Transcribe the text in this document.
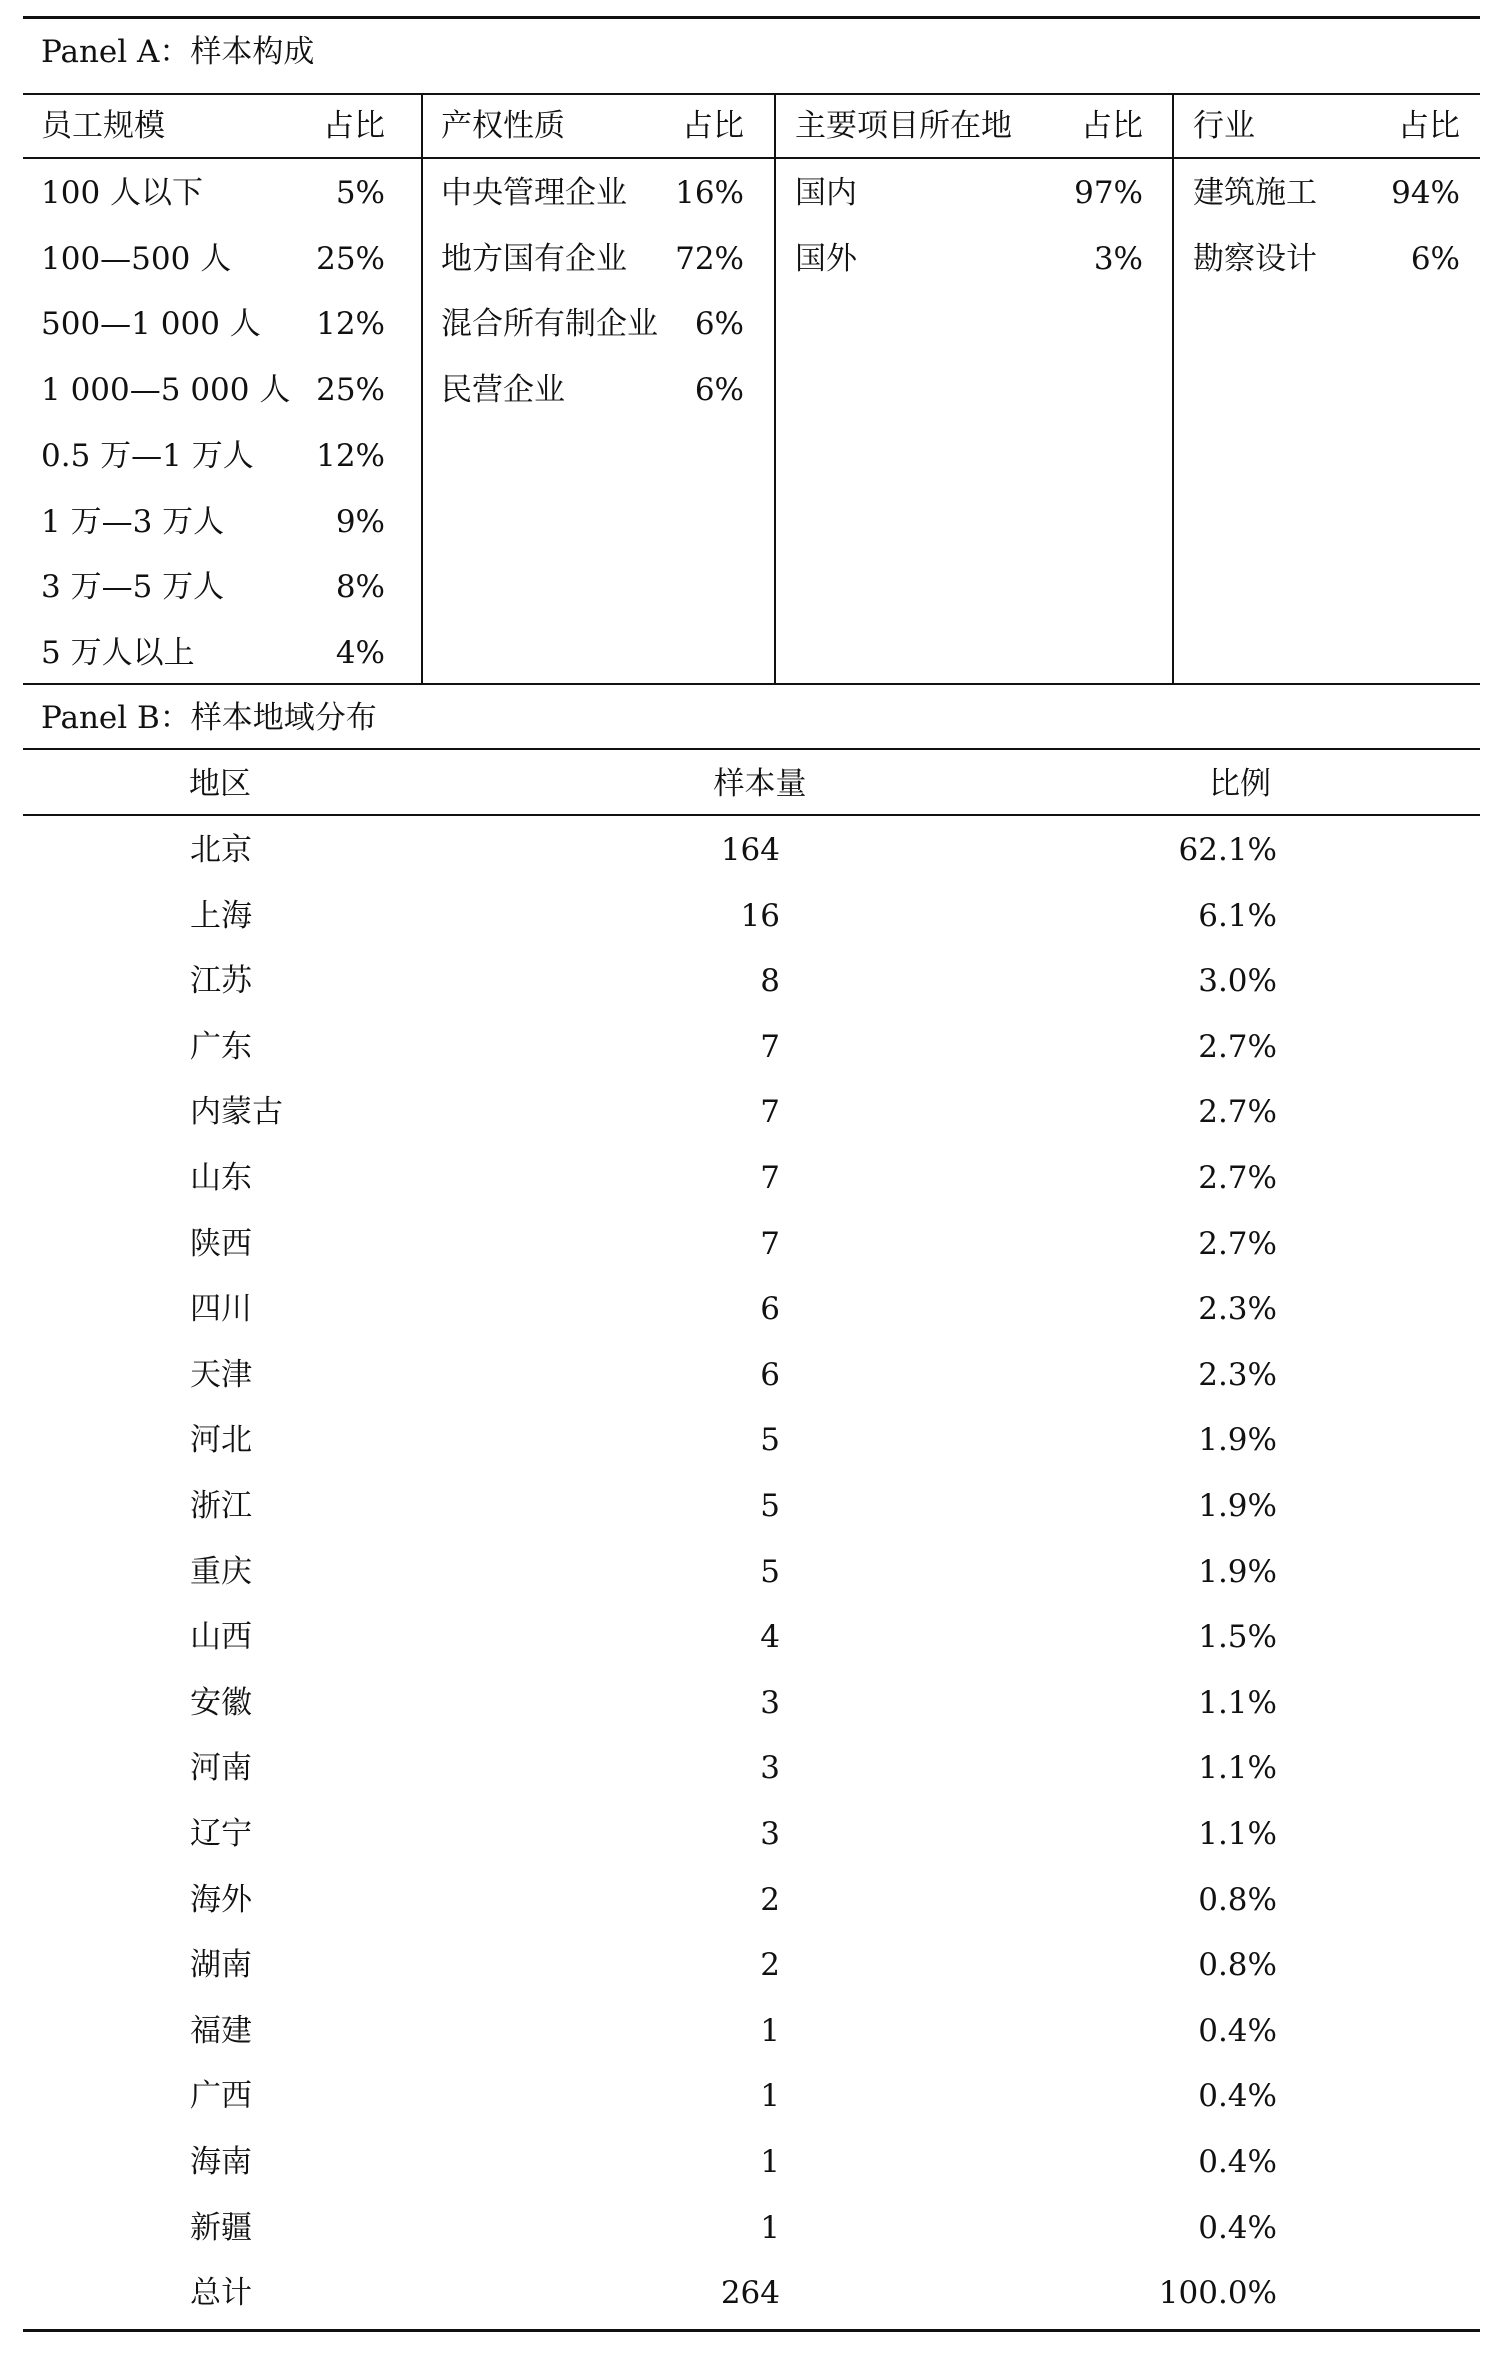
Panel A：样本构成
员工规模	占比
100 人以下	5%
100—500 人	25%
500—1 000 人	12%
1 000—5 000 人 25%
0.5 万—1 万人	12%
1 万—3 万人	9%
3 万—5 万人	8%
5 万人以上	4%
产权性质	占比
中央管理企业	16%
地方国有企业	72%
混合所有制企业	6%
民营企业	6%
主要项目所在地	占比
国内	97%
国外	3%
行业	占比
建筑施工	94%
勘察设计	6%
Panel B：样本地域分布
地区	样本量	比例
北京	164	62.1%
上海	16	6.1%
江苏	8	3.0%
广东	7	2.7%
内蒙古	7	2.7%
山东	7	2.7%
陕西	7	2.7%
四川	6	2.3%
天津	6	2.3%
河北	5	1.9%
浙江	5	1.9%
重庆	5	1.9%
山西	4	1.5%
安徽	3	1.1%
河南	3	1.1%
辽宁	3	1.1%
海外	2	0.8%
湖南	2	0.8%
福建	1	0.4%
广西	1	0.4%
海南	1	0.4%
新疆	1	0.4%
总计	264	100.0%
